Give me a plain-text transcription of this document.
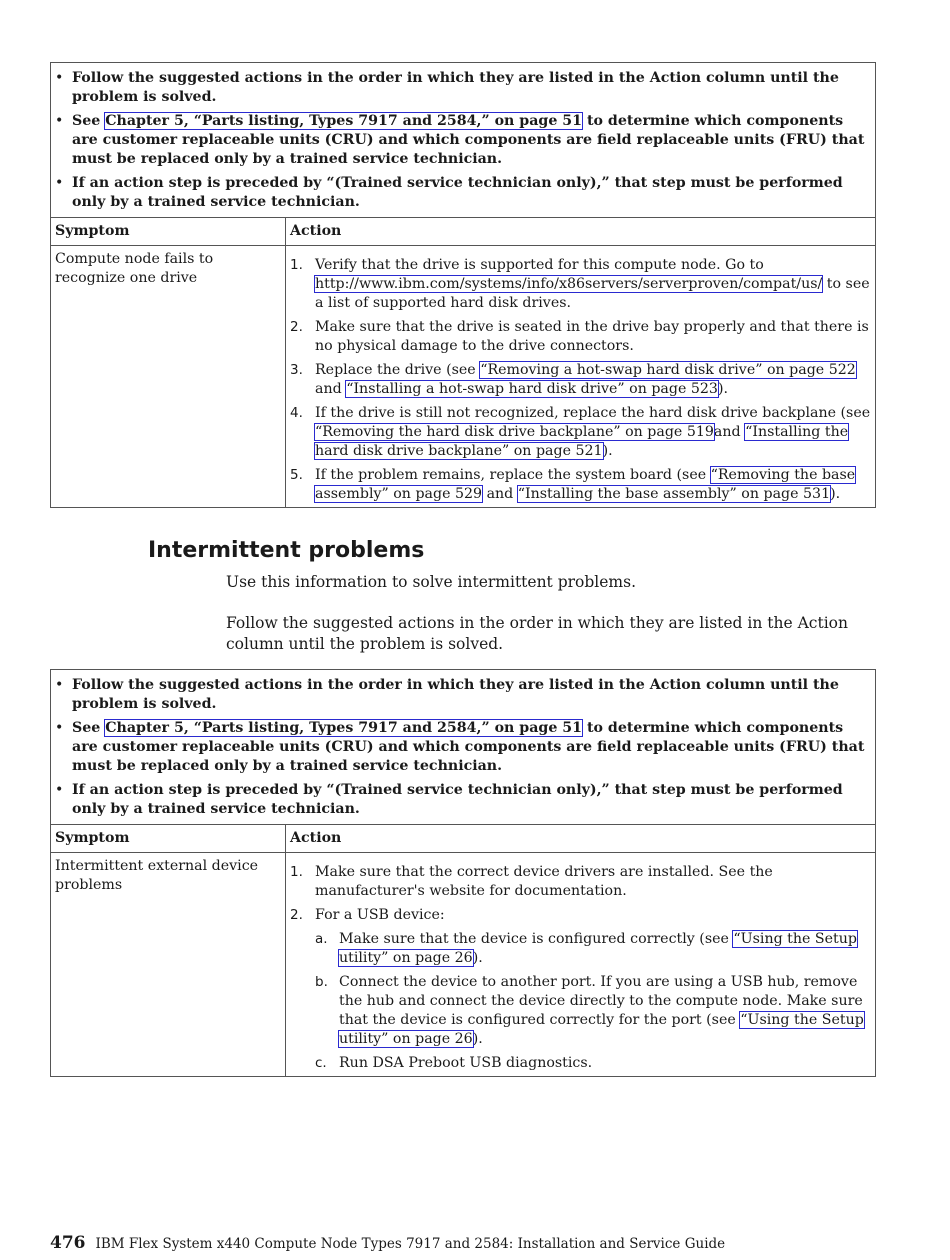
• Follow the suggested actions in the order in which they are listed in the Action column until the problem is solved.
• See Chapter 5, “Parts listing, Types 7917 and 2584,” on page 51 to determine which components are customer replaceable units (CRU) and which components are field replaceable units (FRU) that must be replaced only by a trained service technician.
• If an action step is preceded by “(Trained service technician only),” that step must be performed only by a trained service technician.
Symptom	Action
Compute node fails to recognize one drive
1. Verify that the drive is supported for this compute node. Go to http://www.ibm.com/systems/info/x86servers/serverproven/compat/us/ to see a list of supported hard disk drives.
2. Make sure that the drive is seated in the drive bay properly and that there is no physical damage to the drive connectors.
3. Replace the drive (see “Removing a hot-swap hard disk drive” on page 522 and “Installing a hot-swap hard disk drive” on page 523).
4. If the drive is still not recognized, replace the hard disk drive backplane (see “Removing the hard disk drive backplane” on page 519and “Installing the hard disk drive backplane” on page 521).
5. If the problem remains, replace the system board (see “Removing the base assembly” on page 529 and “Installing the base assembly” on page 531).
Intermittent problems

Use this information to solve intermittent problems.

Follow the suggested actions in the order in which they are listed in the Action column until the problem is solved.

• Follow the suggested actions in the order in which they are listed in the Action column until the problem is solved.
• See Chapter 5, “Parts listing, Types 7917 and 2584,” on page 51 to determine which components are customer replaceable units (CRU) and which components are field replaceable units (FRU) that must be replaced only by a trained service technician.
• If an action step is preceded by “(Trained service technician only),” that step must be performed only by a trained service technician.
Symptom	Action
Intermittent external device problems
1. Make sure that the correct device drivers are installed. See the manufacturer's website for documentation.
2. For a USB device:
a. Make sure that the device is configured correctly (see “Using the Setup utility” on page 26).
b. Connect the device to another port. If you are using a USB hub, remove the hub and connect the device directly to the compute node. Make sure that the device is configured correctly for the port (see “Using the Setup utility” on page 26).
c. Run DSA Preboot USB diagnostics.
476 IBM Flex System x440 Compute Node Types 7917 and 2584: Installation and Service Guide
